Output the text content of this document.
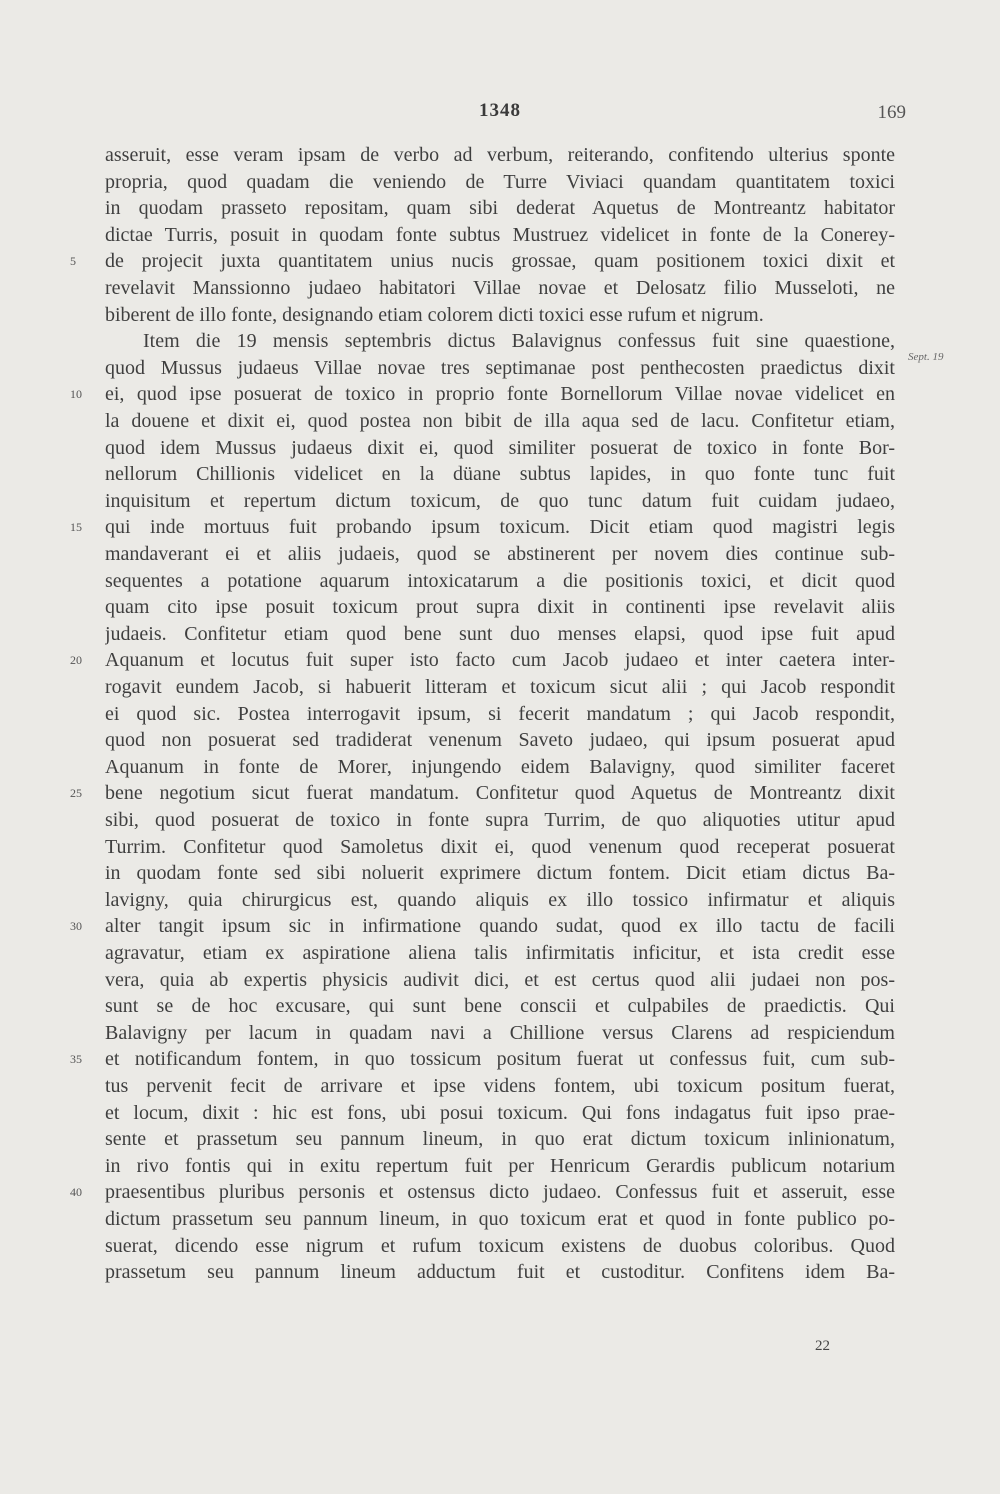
1348	169
asseruit, esse veram ipsam de verbo ad verbum, reiterando, confitendo ulterius sponte
propria, quod quadam die veniendo de Turre Viviaci quandam quantitatem toxici
in quodam prasseto repositam, quam sibi dederat Aquetus de Montreantz habitator
dictae Turris, posuit in quodam fonte subtus Mustruez videlicet in fonte de la Conerey-
de projecit juxta quantitatem unius nucis grossae, quam positionem toxici dixit et
revelavit Manssionno judaeo habitatori Villae novae et Delosatz filio Musseloti, ne
biberent de illo fonte, designando etiam colorem dicti toxici esse rufum et nigrum.
Item die 19 mensis septembris dictus Balavignus confessus fuit sine quaestione,
quod Mussus judaeus Villae novae tres septimanae post penthecosten praedictus dixit
ei, quod ipse posuerat de toxico in proprio fonte Bornellorum Villae novae videlicet en
la douene et dixit ei, quod postea non bibit de illa aqua sed de lacu. Confitetur etiam,
quod idem Mussus judaeus dixit ei, quod similiter posuerat de toxico in fonte Bor-
nellorum Chillionis videlicet en la düane subtus lapides, in quo fonte tunc fuit
inquisitum et repertum dictum toxicum, de quo tunc datum fuit cuidam judaeo,
qui inde mortuus fuit probando ipsum toxicum. Dicit etiam quod magistri legis
mandaverant ei et aliis judaeis, quod se abstinerent per novem dies continue sub-
sequentes a potatione aquarum intoxicatarum a die positionis toxici, et dicit quod
quam cito ipse posuit toxicum prout supra dixit in continenti ipse revelavit aliis
judaeis. Confitetur etiam quod bene sunt duo menses elapsi, quod ipse fuit apud
Aquanum et locutus fuit super isto facto cum Jacob judaeo et inter caetera inter-
rogavit eundem Jacob, si habuerit litteram et toxicum sicut alii ; qui Jacob respondit
ei quod sic. Postea interrogavit ipsum, si fecerit mandatum ; qui Jacob respondit,
quod non posuerat sed tradiderat venenum Saveto judaeo, qui ipsum posuerat apud
Aquanum in fonte de Morer, injungendo eidem Balavigny, quod similiter faceret
bene negotium sicut fuerat mandatum. Confitetur quod Aquetus de Montreantz dixit
sibi, quod posuerat de toxico in fonte supra Turrim, de quo aliquoties utitur apud
Turrim. Confitetur quod Samoletus dixit ei, quod venenum quod receperat posuerat
in quodam fonte sed sibi noluerit exprimere dictum fontem. Dicit etiam dictus Ba-
lavigny, quia chirurgicus est, quando aliquis ex illo tossico infirmatur et aliquis
alter tangit ipsum sic in infirmatione quando sudat, quod ex illo tactu de facili
agravatur, etiam ex aspiratione aliena talis infirmitatis inficitur, et ista credit esse
vera, quia ab expertis physicis audivit dici, et est certus quod alii judaei non pos-
sunt se de hoc excusare, qui sunt bene conscii et culpabiles de praedictis. Qui
Balavigny per lacum in quadam navi a Chillione versus Clarens ad respiciendum
et notificandum fontem, in quo tossicum positum fuerat ut confessus fuit, cum sub-
tus pervenit fecit de arrivare et ipse videns fontem, ubi toxicum positum fuerat,
et locum, dixit : hic est fons, ubi posui toxicum. Qui fons indagatus fuit ipso prae-
sente et prassetum seu pannum lineum, in quo erat dictum toxicum inlinionatum,
in rivo fontis qui in exitu repertum fuit per Henricum Gerardis publicum notarium
praesentibus pluribus personis et ostensus dicto judaeo. Confessus fuit et asseruit, esse
dictum prassetum seu pannum lineum, in quo toxicum erat et quod in fonte publico po-
suerat, dicendo esse nigrum et rufum toxicum existens de duobus coloribus. Quod
prassetum seu pannum lineum adductum fuit et custoditur. Confitens idem Ba-
5
10
15
20
25
30
35
40
Sept. 19
22
